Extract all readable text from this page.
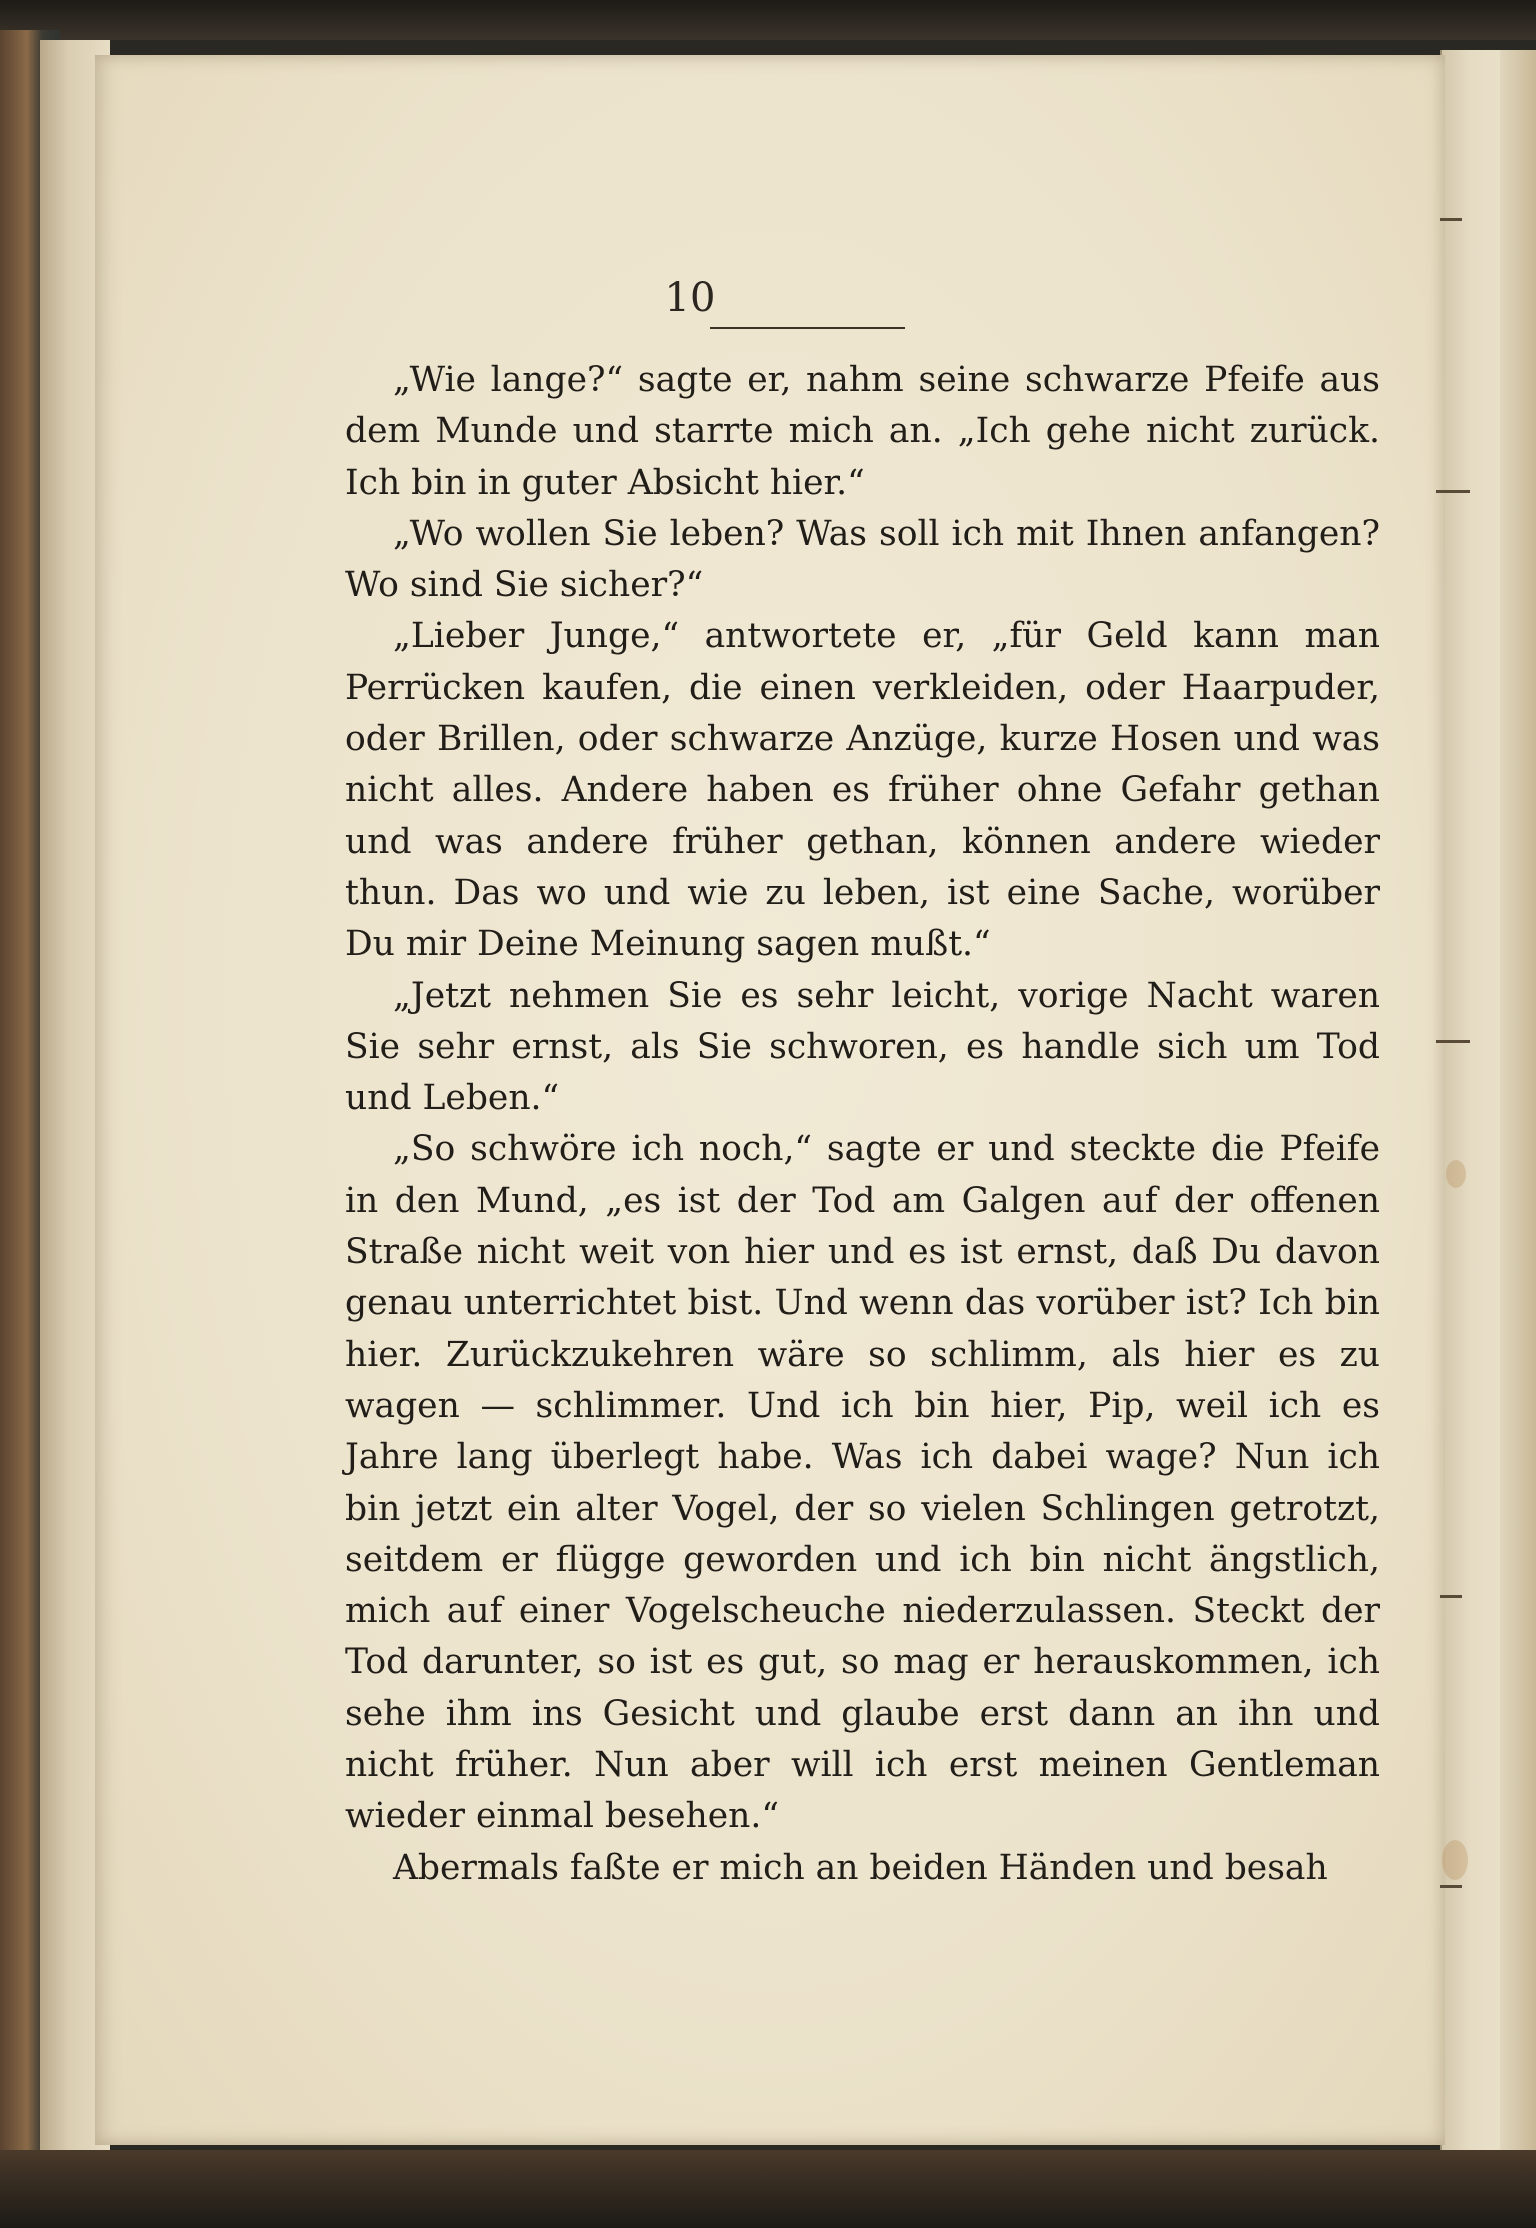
10

„Wie lange?“ sagte er, nahm seine schwarze Pfeife aus dem Munde und starrte mich an. „Ich gehe nicht zurück. Ich bin in guter Absicht hier.“

„Wo wollen Sie leben? Was soll ich mit Ihnen anfangen? Wo sind Sie sicher?“

„Lieber Junge,“ antwortete er, „für Geld kann man Perrücken kaufen, die einen verkleiden, oder Haarpuder, oder Brillen, oder schwarze Anzüge, kurze Hosen und was nicht alles. Andere haben es früher ohne Gefahr gethan und was andere früher gethan, können andere wieder thun. Das wo und wie zu leben, ist eine Sache, worüber Du mir Deine Meinung sagen mußt.“

„Jetzt nehmen Sie es sehr leicht, vorige Nacht waren Sie sehr ernst, als Sie schworen, es handle sich um Tod und Leben.“

„So schwöre ich noch,“ sagte er und steckte die Pfeife in den Mund, „es ist der Tod am Galgen auf der offenen Straße nicht weit von hier und es ist ernst, daß Du davon genau unterrichtet bist. Und wenn das vorüber ist? Ich bin hier. Zurückzukehren wäre so schlimm, als hier es zu wagen — schlimmer. Und ich bin hier, Pip, weil ich es Jahre lang überlegt habe. Was ich dabei wage? Nun ich bin jetzt ein alter Vogel, der so vielen Schlingen getrotzt, seitdem er flügge geworden und ich bin nicht ängstlich, mich auf einer Vogelscheuche niederzulassen. Steckt der Tod darunter, so ist es gut, so mag er herauskommen, ich sehe ihm ins Gesicht und glaube erst dann an ihn und nicht früher. Nun aber will ich erst meinen Gentleman wieder einmal besehen.“

Abermals faßte er mich an beiden Händen und besah
